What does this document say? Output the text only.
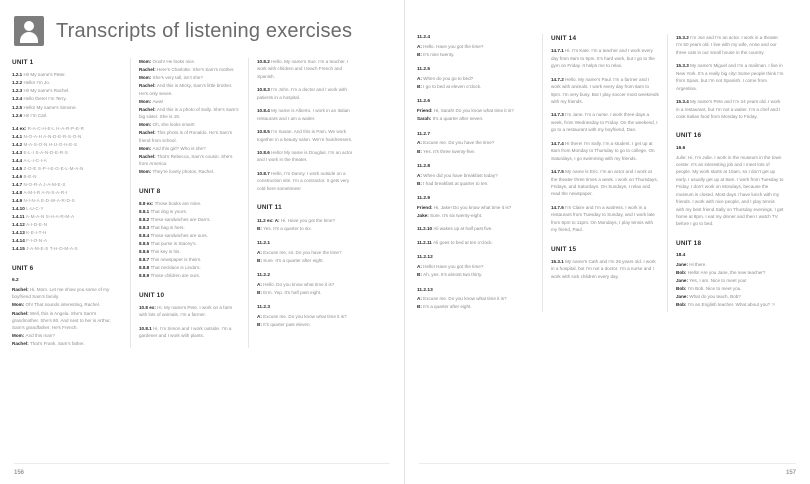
Transcripts of listening exercises
UNIT 1

1.2.1 Hi! My name’s Peter.

1.2.2 Hello! I’m Jo.

1.2.3 Hi! My name’s Rachel.

1.2.4 Hello there! I’m Terry.

1.2.5 Hello! My name’s Simone.

1.2.6 Hi! I’m Carl.

1.4 ex: R-A-C-H-E-L H-A-R-P-E-R

1.4.1 N-O-A-H A-N-D-E-R-S-O-N

1.4.2 M-A-S-O-N H-U-G-H-E-S

1.4.3 E-L-I S-A-N-D-E-R-S

1.4.4 A-L-I-C-I-A

1.4.5 Z-O-E S-P-I-E-G-E-L-M-A-N

1.4.6 B-E-N

1.4.7 N-O-R-A J-A-M-E-S

1.4.8 A-M-I-R A-N-S-A-R-I

1.4.9 N-I-N-A E-D-W-A-R-D-S

1.4.10 L-U-C-Y

1.4.11 A-M-A-N S-H-A-R-M-A

1.4.12 A-I-D-E-N

1.4.13 K-E-I-T-H

1.4.14 F-I-O-N-A

1.4.15 J-A-M-E-S T-H-O-M-A-S

UNIT 6
6.2

Rachel: Hi, Mom. Let me show you some of my boyfriend Sam’s family.

Mom: Oh! That sounds interesting, Rachel.

Rachel: Well, this is Angela. She’s Sam’s grandmother. She’s 80. And next to her is Arthur, Sam’s grandfather. He’s French.

Mom: And this man?

Rachel: That’s Frank, Sam’s father.

Mom: Oooh! He looks nice.

Rachel: Here’s Charlotte. She’s Sam’s mother.

Mom: She’s very tall, isn’t she?

Rachel: And this is Micky, Sam’s little brother. He’s only seven.

Mom: Aww!

Rachel: And this is a photo of Sally. She’s Sam’s big sister. She is 19.

Mom: Oh, she looks smart!

Rachel: This photo is of Ronaldo. He’s Sam’s friend from school.

Mom: And this girl? Who is she?

Rachel: That’s Rebecca, Sam’s cousin. She’s from America.

Mom: They’re lovely photos, Rachel.

UNIT 8

8.8 ex: Those books are mine.

8.8.1 That dog is yours.

8.8.2 These sandwiches are Dan’s.

8.8.3 That bag is hers.

8.8.4 Those sandwiches are ours.

8.8.5 That purse is Stacey’s.

8.8.6 This key is his.

8.8.7 This newspaper is theirs.

8.8.8 That necklace is Linda’s.

8.8.9 Those children are ours.

UNIT 10

10.8 ex: Hi. My name’s Pete. I work on a farm with lots of animals. I’m a farmer.

10.8.1 Hi, I’m Simon and I work outside. I’m a gardener and I work with plants.

10.8.2 Hello. My name’s Sue. I’m a teacher. I work with children and I teach French and Spanish.

10.8.3 I’m John. I’m a doctor and I work with patients in a hospital.

10.8.4 My name is Alberto. I work in an Italian restaurant and I am a waiter.

10.8.5 I’m Susan. And this is Pam. We work together in a beauty salon. We’re hairdressers.

10.8.6 Hello! My name is Douglas. I’m an actor and I work in the theater.

10.8.7 Hello, I’m Danny. I work outside on a construction site. I’m a contractor. It gets very cold here sometimes!

UNIT 11

11.2 ex: A: Hi. Have you got the time?

B: Yes. It’s a quarter to six.

11.2.1

A: Excuse me, sir. Do you have the time?

B: Sure. It’s a quarter after eight.

11.2.2

A: Hello. Do you know what time it is?

B: Erm. Yep. It’s half past eight.

11.2.3

A: Excuse me. Do you know what time it is?

B: It’s quarter past eleven.

156
11.2.4

A: Hello. Have you got the time?

B: It’s nine twenty.

11.2.5

A: When do you go to bed?

B: I go to bed at eleven o’clock.

11.2.6

Friend: Hi, Sarah! Do you know what time it is?

Sarah: It’s a quarter after seven.

11.2.7

A: Excuse me. Do you have the time?

B: Yes. It’s three twenty-five.

11.2.8

A: When did you have breakfast today?

B: I had breakfast at quarter to ten.

11.2.9

Friend: Hi, Jake! Do you know what time it is?

Jake: Sure. It’s six twenty-eight.

11.2.10 Ali wakes up at half past five.

11.2.11 Ali goes to bed at ten o’clock.

11.2.12

A: Hello! Have you got the time?

B: Ah, yes. It’s almost two thirty.

11.2.13

A: Excuse me. Do you know what time it is?

B: It’s a quarter after eight.

UNIT 14

14.7.1 Hi. I’m Kate. I’m a teacher and I work every day from 9am to 5pm. It’s hard work, but I go to the gym on Friday. It helps me to relax.

14.7.2 Hello. My name’s Paul. I’m a farmer and I work with animals. I work every day from 6am to 9pm. I’m very busy. But I play soccer most weekends with my friends.

14.7.3 I’m Jane. I’m a nurse. I work three days a week, from Wednesday to Friday. On the weekend, I go to a restaurant with my boyfriend, Dan.

14.7.4 Hi there! I’m Sally. I’m a student. I get up at 8am from Monday to Thursday to go to college. On Saturdays, I go swimming with my friends.

14.7.5 My name is Eric. I’m an actor and I work at the theater three times a week. I work on Thursdays, Fridays, and Saturdays. On Sundays, I relax and read the newspaper.

14.7.6 I’m Claire and I’m a waitress. I work in a restaurant from Tuesday to Sunday, and I work late from 6pm to 11pm. On Mondays, I play tennis with my friend, Paul.

UNIT 15

15.3.1 My name’s Cath and I’m 26 years old. I work in a hospital, but I’m not a doctor. I’m a nurse and I work with sick children every day.

15.3.2 I’m Joe and I’m an actor. I work in a theater. I’m 50 years old. I live with my wife, Anne and our three cats in our small house in the country.

15.3.3 My name’s Miguel and I’m a mailman. I live in New York. It’s a really big city! Some people think I’m from Spain, but I’m not Spanish. I come from Argentina.

15.3.4 My name’s Pete and I’m 24 years old. I work in a restaurant, but I’m not a waiter. I’m a chef and I cook Italian food from Monday to Friday.

UNIT 16
16.6

Julie: Hi, I’m Julie. I work in the museum in the town center. It’s an interesting job and I meet lots of people. My work starts at 10am, so I don’t get up early. I usually get up at 8am. I work from Tuesday to Friday. I don’t work on Mondays, because the museum is closed. Most days I have lunch with my friends. I work with nice people, and I play tennis with my best friend Sally on Thursday evenings. I get home at 8pm. I eat my dinner and then I watch TV before I go to bed.

UNIT 18
18.4

Jane: Hi there.

Bob: Hello! Are you Jane, the new teacher?

Jane: Yes, I am. Nice to meet you!

Bob: I’m Bob. Nice to meet you.

Jane: What do you teach, Bob?

Bob: I’m an English teacher. What about you? »

157
